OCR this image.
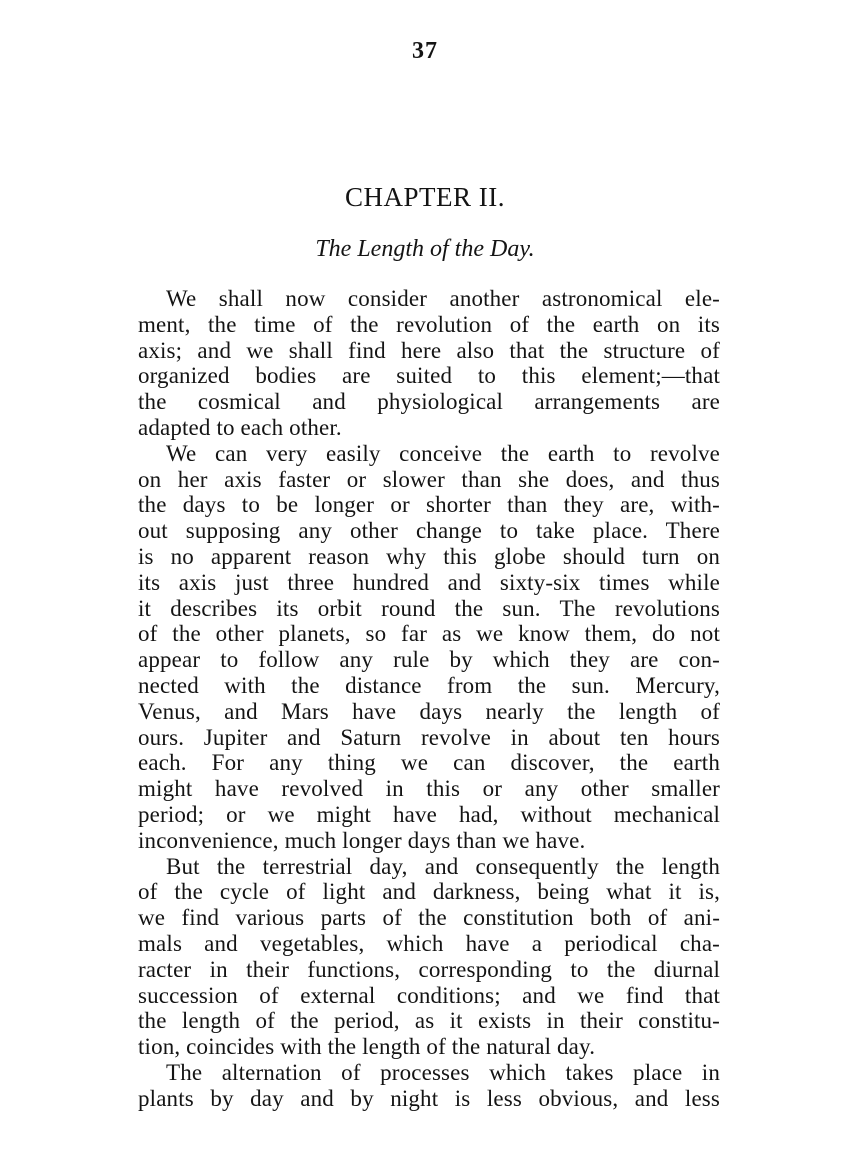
37
CHAPTER II.
The Length of the Day.
We shall now consider another astronomical ele-
ment, the time of the revolution of the earth on its
axis; and we shall find here also that the structure of
organized bodies are suited to this element;—that
the cosmical and physiological arrangements are
adapted to each other.
We can very easily conceive the earth to revolve
on her axis faster or slower than she does, and thus
the days to be longer or shorter than they are, with-
out supposing any other change to take place. There
is no apparent reason why this globe should turn on
its axis just three hundred and sixty-six times while
it describes its orbit round the sun. The revolutions
of the other planets, so far as we know them, do not
appear to follow any rule by which they are con-
nected with the distance from the sun. Mercury,
Venus, and Mars have days nearly the length of
ours. Jupiter and Saturn revolve in about ten hours
each. For any thing we can discover, the earth
might have revolved in this or any other smaller
period; or we might have had, without mechanical
inconvenience, much longer days than we have.
But the terrestrial day, and consequently the length
of the cycle of light and darkness, being what it is,
we find various parts of the constitution both of ani-
mals and vegetables, which have a periodical cha-
racter in their functions, corresponding to the diurnal
succession of external conditions; and we find that
the length of the period, as it exists in their constitu-
tion, coincides with the length of the natural day.
The alternation of processes which takes place in
plants by day and by night is less obvious, and less
